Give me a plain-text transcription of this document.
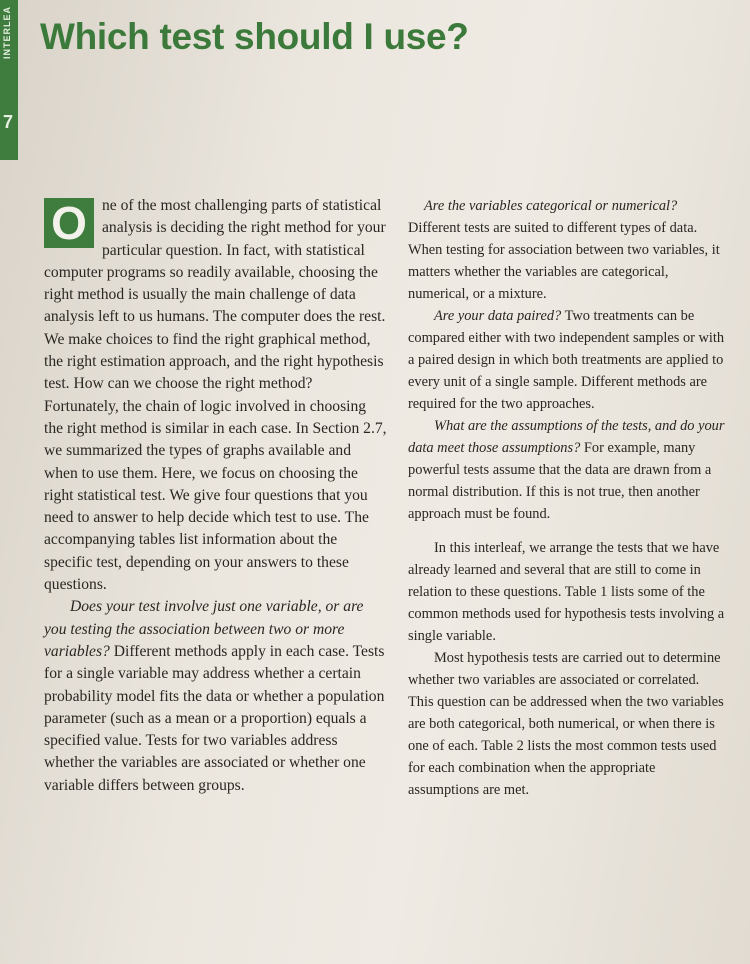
INTERLEA
7
Which test should I use?

O ne of the most challenging parts of statistical analysis is deciding the right method for your particular question. In fact, with statistical computer programs so readily available, choosing the right method is usually the main challenge of data analysis left to us humans. The computer does the rest. We make choices to find the right graphical method, the right estimation approach, and the right hypothesis test. How can we choose the right method? Fortunately, the chain of logic involved in choosing the right method is similar in each case. In Section 2.7, we summarized the types of graphs available and when to use them. Here, we focus on choosing the right statistical test. We give four questions that you need to answer to help decide which test to use. The accompanying tables list information about the specific test, depending on your answers to these questions.

Does your test involve just one variable, or are you testing the association between two or more variables? Different methods apply in each case. Tests for a single variable may address whether a certain probability model fits the data or whether a population parameter (such as a mean or a proportion) equals a specified value. Tests for two variables address whether the variables are associated or whether one variable differs between groups.

Are the variables categorical or numerical? Different tests are suited to different types of data. When testing for association between two variables, it matters whether the variables are categorical, numerical, or a mixture.

Are your data paired? Two treatments can be compared either with two independent samples or with a paired design in which both treatments are applied to every unit of a single sample. Different methods are required for the two approaches.

What are the assumptions of the tests, and do your data meet those assumptions? For example, many powerful tests assume that the data are drawn from a normal distribution. If this is not true, then another approach must be found.

In this interleaf, we arrange the tests that we have already learned and several that are still to come in relation to these questions. Table 1 lists some of the common methods used for hypothesis tests involving a single variable.

Most hypothesis tests are carried out to determine whether two variables are associated or correlated. This question can be addressed when the two variables are both categorical, both numerical, or when there is one of each. Table 2 lists the most common tests used for each combination when the appropriate assumptions are met.
